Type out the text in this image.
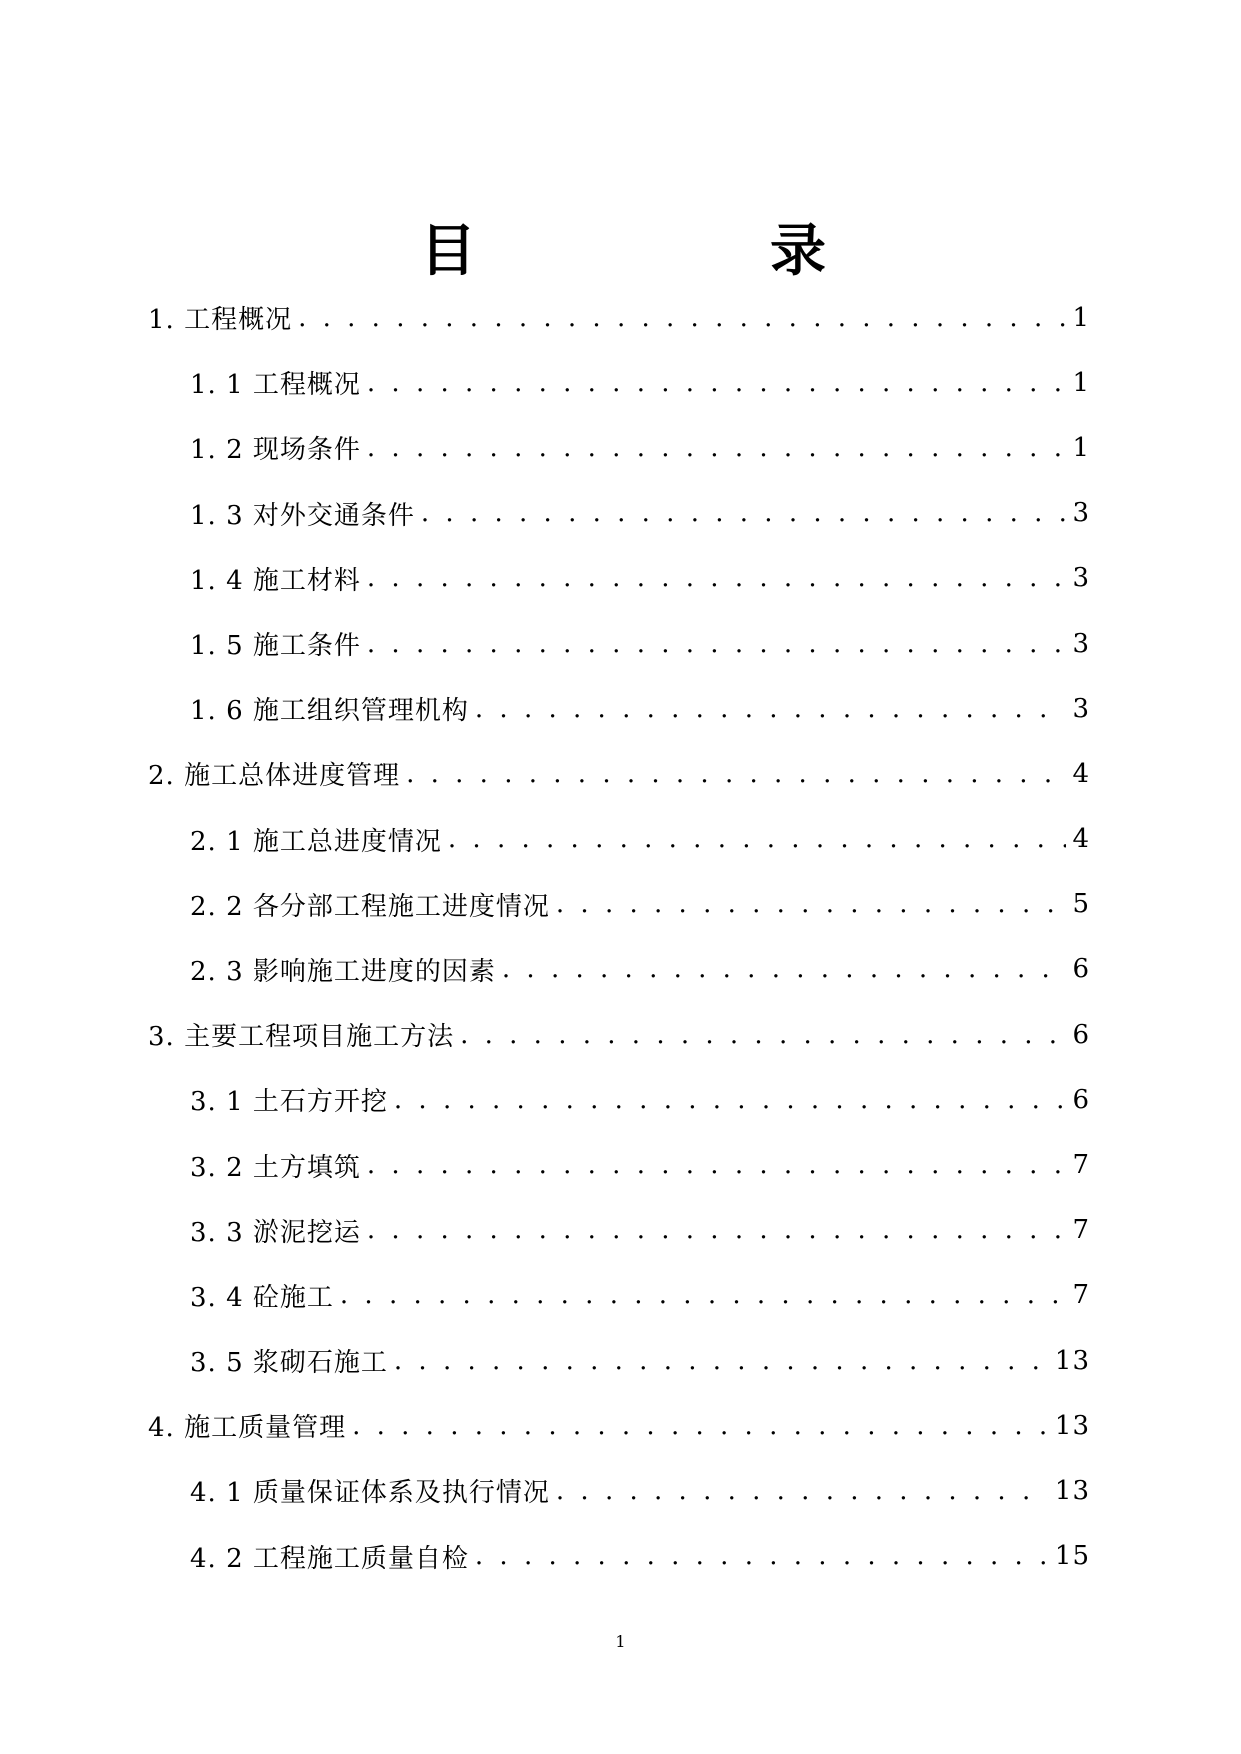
目	录
1. 工程概况 . . .	1
1. 1 工程概况 . . .	1
1. 2 现场条件 . . .	1
1. 3 对外交通条件 . . .	3
1. 4 施工材料 . . .	3
1. 5 施工条件 . . .	3
1. 6 施工组织管理机构 . . .	3
2. 施工总体进度管理 . . .	4
2. 1 施工总进度情况 . . .	4
2. 2 各分部工程施工进度情况 . . .	5
2. 3 影响施工进度的因素 . . .	6
3. 主要工程项目施工方法 . . .	6
3. 1 土石方开挖 . . .	6
3. 2 土方填筑 . . .	7
3. 3 淤泥挖运 . . .	7
3. 4 砼施工 . . .	7
3. 5 浆砌石施工 . . .	13
4. 施工质量管理 . . .	13
4. 1 质量保证体系及执行情况 . . .	13
4. 2 工程施工质量自检 . . .	15
1
